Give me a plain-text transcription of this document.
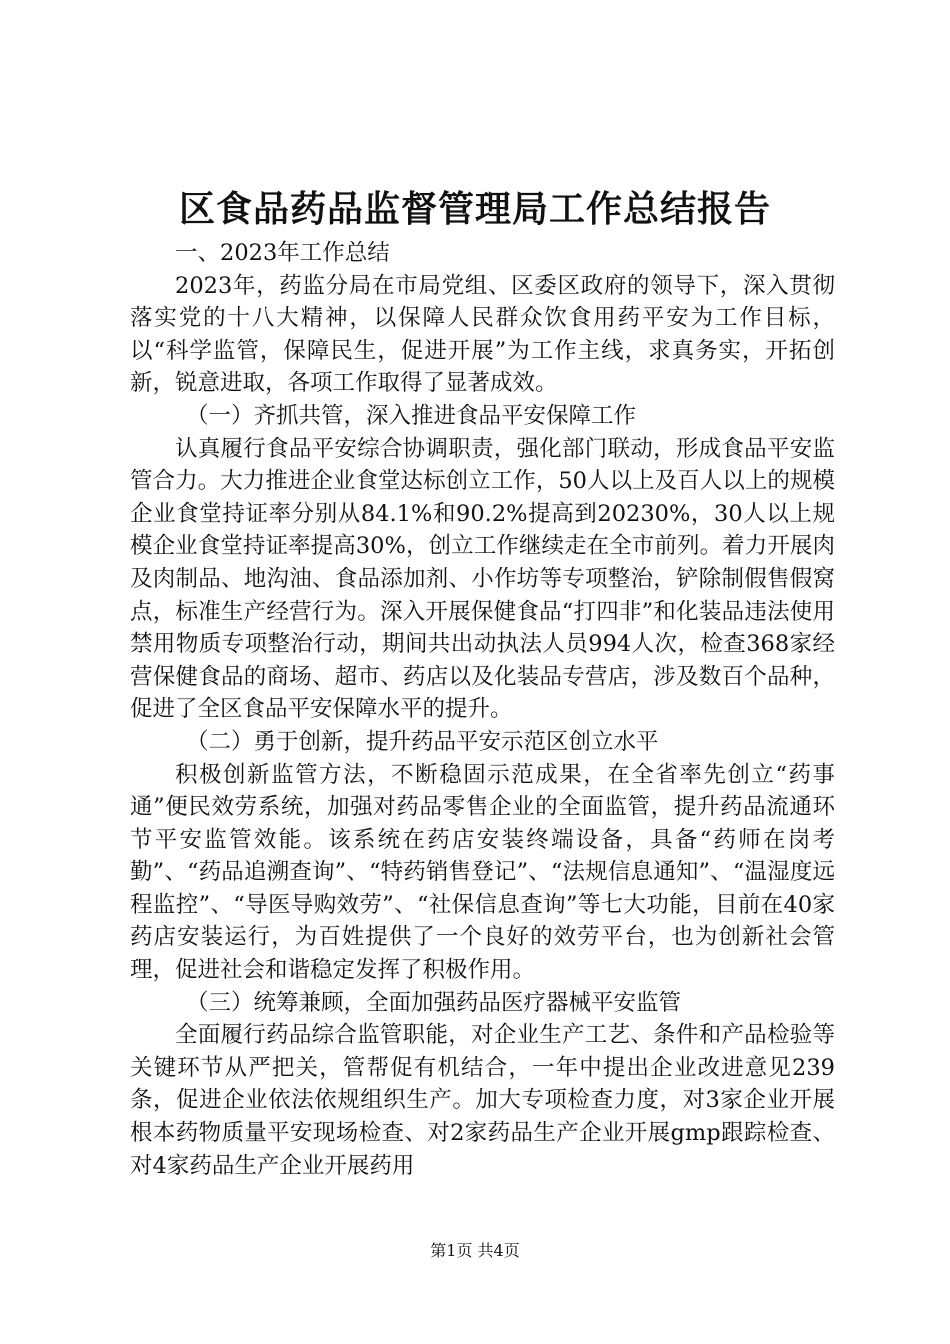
区食品药品监督管理局工作总结报告

一、2023年工作总结

2023年，药监分局在市局党组、区委区政府的领导下，深入贯彻落实党的十八大精神，以保障人民群众饮食用药平安为工作目标，以“科学监管，保障民生，促进开展”为工作主线，求真务实，开拓创新，锐意进取，各项工作取得了显著成效。

（一）齐抓共管，深入推进食品平安保障工作

认真履行食品平安综合协调职责，强化部门联动，形成食品平安监管合力。大力推进企业食堂达标创立工作，50人以上及百人以上的规模企业食堂持证率分别从84.1%和90.2%提高到20230%，30人以上规模企业食堂持证率提高30%，创立工作继续走在全市前列。着力开展肉及肉制品、地沟油、食品添加剂、小作坊等专项整治，铲除制假售假窝点，标准生产经营行为。深入开展保健食品“打四非”和化装品违法使用禁用物质专项整治行动，期间共出动执法人员994人次，检查368家经营保健食品的商场、超市、药店以及化装品专营店，涉及数百个品种，促进了全区食品平安保障水平的提升。

（二）勇于创新，提升药品平安示范区创立水平

积极创新监管方法，不断稳固示范成果，在全省率先创立“药事通”便民效劳系统，加强对药品零售企业的全面监管，提升药品流通环节平安监管效能。该系统在药店安装终端设备，具备“药师在岗考勤”、“药品追溯查询”、“特药销售登记”、“法规信息通知”、“温湿度远程监控”、“导医导购效劳”、“社保信息查询”等七大功能，目前在40家药店安装运行，为百姓提供了一个良好的效劳平台，也为创新社会管理，促进社会和谐稳定发挥了积极作用。

（三）统筹兼顾，全面加强药品医疗器械平安监管

全面履行药品综合监管职能，对企业生产工艺、条件和产品检验等关键环节从严把关，管帮促有机结合，一年中提出企业改进意见239条，促进企业依法依规组织生产。加大专项检查力度，对3家企业开展根本药物质量平安现场检查、对2家药品生产企业开展gmp跟踪检查、对4家药品生产企业开展药用

第1页 共4页
